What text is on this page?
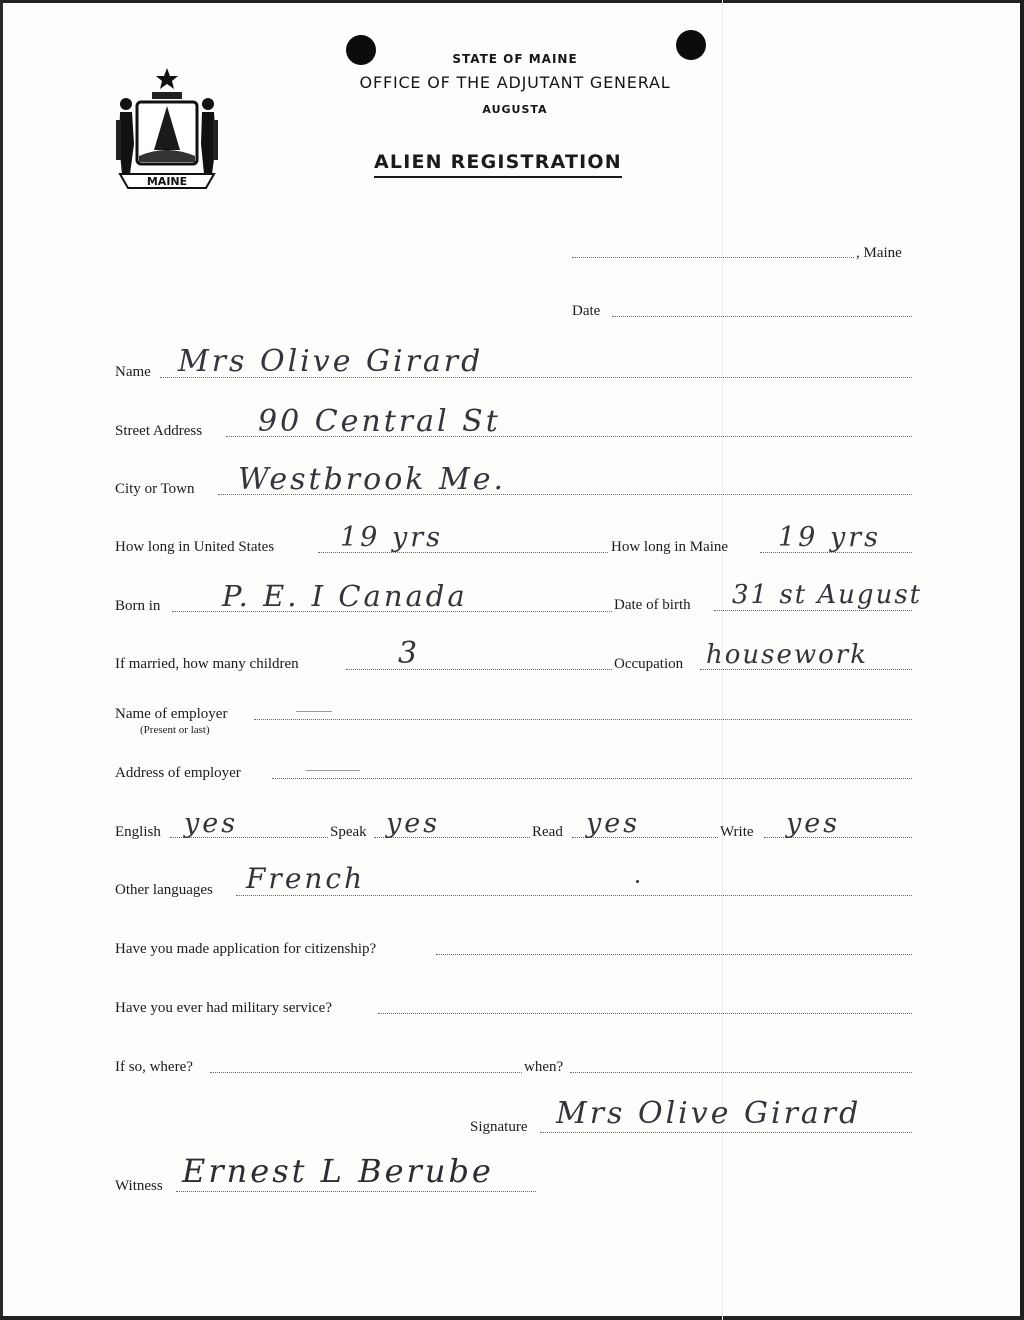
MAINE
STATE OF MAINE
OFFICE OF THE ADJUTANT GENERAL
AUGUSTA
ALIEN REGISTRATION
, Maine
Date
Name Mrs Olive Girard
Street Address 90 Central St
City or Town Westbrook Me.
How long in United States 19 yrs	How long in Maine 19 yrs
Born in P. E. I Canada	Date of birth 31 st August
If married, how many children	3	Occupation housework
Name of employer
(Present or last)
Address of employer
English yes	Speak yes	Read yes	Write yes
Other languages French
Have you made application for citizenship?
Have you ever had military service?
If so, where?	when?
Signature Mrs Olive Girard
Witness Ernest L Berube
